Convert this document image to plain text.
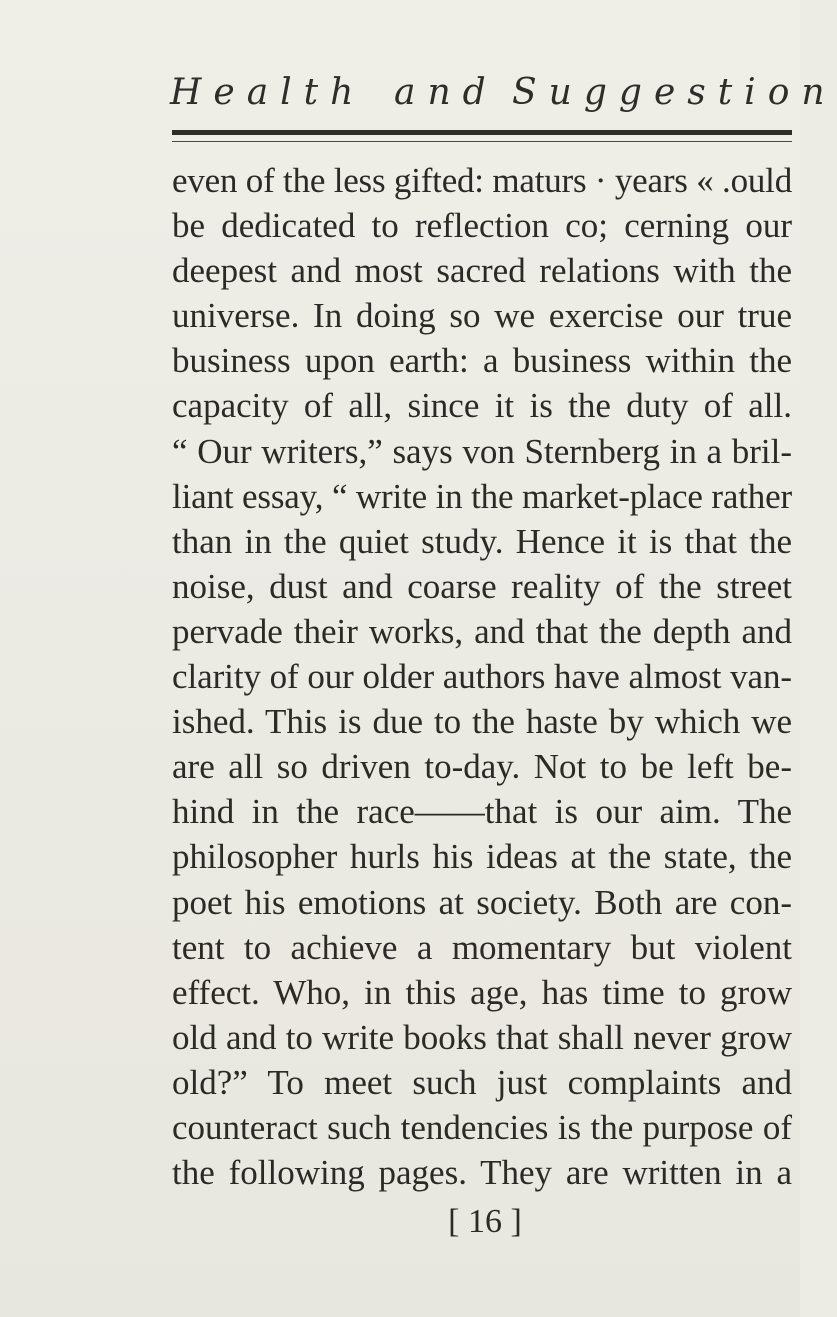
Health and Suggestion
even of the less gifted: maturs · years « .ould
be dedicated to reflection co; cerning our
deepest and most sacred relations with the
universe. In doing so we exercise our true
business upon earth: a business within the
capacity of all, since it is the duty of all.
“ Our writers,” says von Sternberg in a bril-
liant essay, “ write in the market-place rather
than in the quiet study. Hence it is that the
noise, dust and coarse reality of the street
pervade their works, and that the depth and
clarity of our older authors have almost van-
ished. This is due to the haste by which we
are all so driven to-day. Not to be left be-
hind in the race——that is our aim. The
philosopher hurls his ideas at the state, the
poet his emotions at society. Both are con-
tent to achieve a momentary but violent
effect. Who, in this age, has time to grow
old and to write books that shall never grow
old?” To meet such just complaints and
counteract such tendencies is the purpose of
the following pages. They are written in a
[ 16 ]
